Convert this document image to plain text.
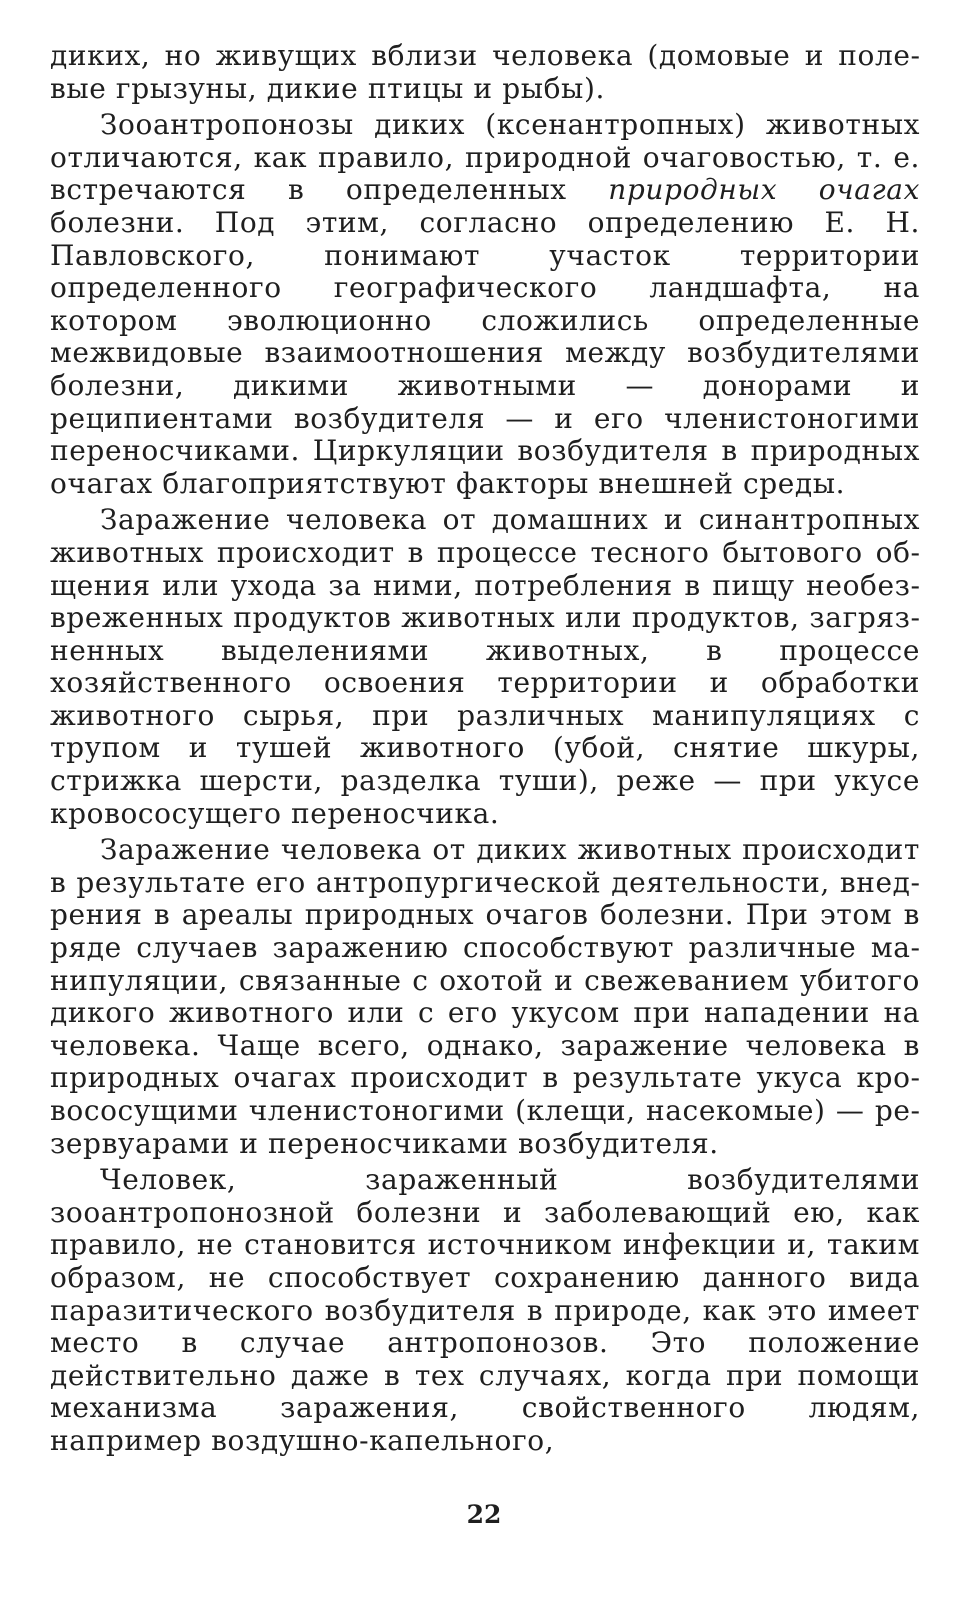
диких, но живущих вблизи человека (домовые и полевые грызуны, дикие птицы и рыбы).

Зооантропонозы диких (ксенантропных) животных отличаются, как правило, природной очаговостью, т. е. встречаются в определенных природных очагах болезни. Под этим, согласно определению Е. Н. Павловского, понимают участок территории определенного географического ландшафта, на котором эволюционно сложились определенные межвидовые взаимоотношения между возбудителями болезни, дикими животными — донорами и реципиентами возбудителя — и его членистоногими переносчиками. Циркуляции возбудителя в природных очагах благоприятствуют факторы внешней среды.

Заражение человека от домашних и синантропных животных происходит в процессе тесного бытового общения или ухода за ними, потребления в пищу необезвреженных продуктов животных или продуктов, загрязненных выделениями животных, в процессе хозяйственного освоения территории и обработки животного сырья, при различных манипуляциях с трупом и тушей животного (убой, снятие шкуры, стрижка шерсти, разделка туши), реже — при укусе кровососущего переносчика.

Заражение человека от диких животных происходит в результате его антропургической деятельности, внедрения в ареалы природных очагов болезни. При этом в ряде случаев заражению способствуют различные манипуляции, связанные с охотой и свежеванием убитого дикого животного или с его укусом при нападении на человека. Чаще всего, однако, заражение человека в природных очагах происходит в результате укуса кровососущими членистоногими (клещи, насекомые) — резервуарами и переносчиками возбудителя.

Человек, зараженный возбудителями зооантропонозной болезни и заболевающий ею, как правило, не становится источником инфекции и, таким образом, не способствует сохранению данного вида паразитического возбудителя в природе, как это имеет место в случае антропонозов. Это положение действительно даже в тех случаях, когда при помощи механизма заражения, свойственного людям, например воздушно-капельного,

22
